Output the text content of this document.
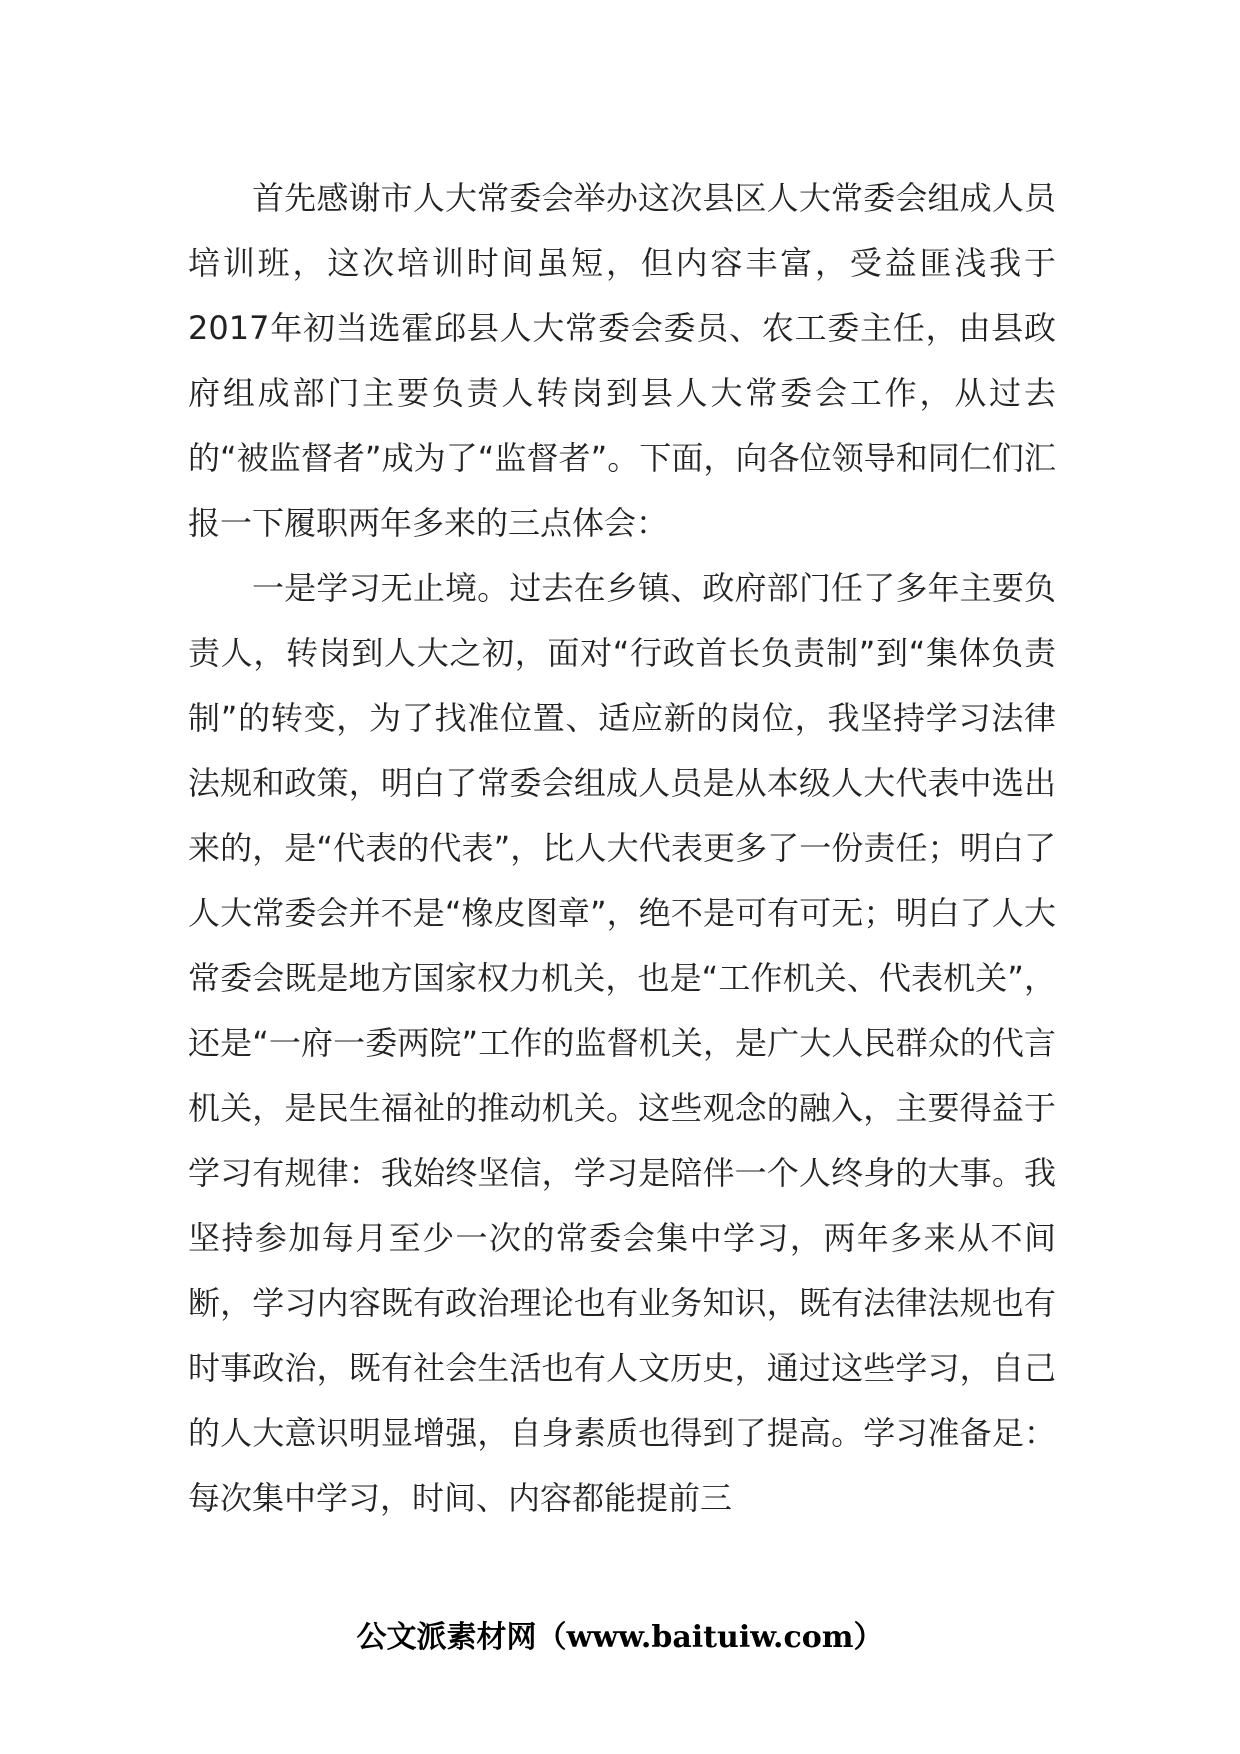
首先感谢市人大常委会举办这次县区人大常委会组成人员培训班，这次培训时间虽短，但内容丰富，受益匪浅我于2017年初当选霍邱县人大常委会委员、农工委主任，由县政府组成部门主要负责人转岗到县人大常委会工作，从过去的“被监督者”成为了“监督者”。下面，向各位领导和同仁们汇报一下履职两年多来的三点体会：

一是学习无止境。过去在乡镇、政府部门任了多年主要负责人，转岗到人大之初，面对“行政首长负责制”到“集体负责制”的转变，为了找准位置、适应新的岗位，我坚持学习法律法规和政策，明白了常委会组成人员是从本级人大代表中选出来的，是“代表的代表”，比人大代表更多了一份责任；明白了人大常委会并不是“橡皮图章”，绝不是可有可无；明白了人大常委会既是地方国家权力机关，也是“工作机关、代表机关”，还是“一府一委两院”工作的监督机关，是广大人民群众的代言机关，是民生福祉的推动机关。这些观念的融入，主要得益于学习有规律：我始终坚信，学习是陪伴一个人终身的大事。我坚持参加每月至少一次的常委会集中学习，两年多来从不间断，学习内容既有政治理论也有业务知识，既有法律法规也有时事政治，既有社会生活也有人文历史，通过这些学习，自己的人大意识明显增强，自身素质也得到了提高。学习准备足：每次集中学习，时间、内容都能提前三

公文派素材网（www.baituiw.com）
